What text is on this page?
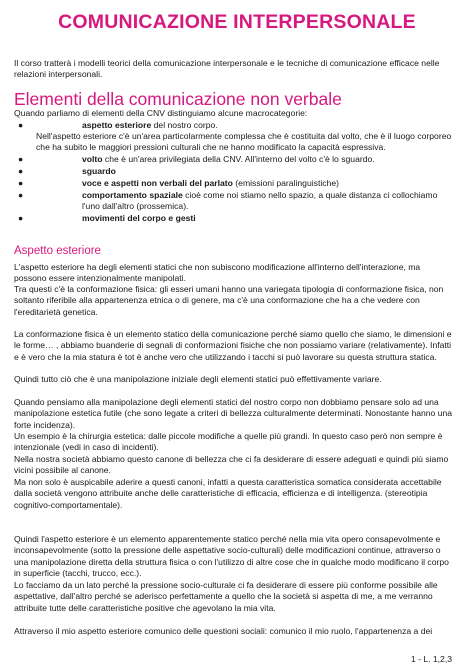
COMUNICAZIONE INTERPERSONALE

Il corso tratterà i modelli teorici della comunicazione interpersonale e le tecniche di comunicazione efficace nelle relazioni interpersonali.

Elementi della comunicazione non verbale

Quando parliamo di elementi della CNV distinguiamo alcune macrocategorie:

●	aspetto esteriore del nostro corpo.

Nell'aspetto esteriore c'è un'area particolarmente complessa che è costituita dal volto, che è il luogo corporeo che ha subito le maggiori pressioni culturali che ne hanno modificato la capacità espressiva.

●	volto che è un'area privilegiata della CNV. All'interno del volto c'è lo sguardo.
●	sguardo
●	voce e aspetti non verbali del parlato (emissioni paralinguistiche)
●	comportamento spaziale cioè come noi stiamo nello spazio, a quale distanza ci collochiamo l'uno dall'altro (prossemica).
●	movimenti del corpo e gesti
Aspetto esteriore

L'aspetto esteriore ha degli elementi statici che non subiscono modificazione all'interno dell'interazione, ma possono essere intenzionalmente manipolati.

Tra questi c'è la conformazione fisica: gli esseri umani hanno una variegata tipologia di conformazione fisica, non soltanto riferibile alla appartenenza etnica o di genere, ma c'è una conformazione che ha a che vedere con l'ereditarietà genetica.

La conformazione fisica è un elemento statico della comunicazione perché siamo quello che siamo, le dimensioni e le forme… , abbiamo buanderie di segnali di conformazioni fisiche che non possiamo variare (relativamente). Infatti e è vero che la mia statura è tot è anche vero che utilizzando i tacchi si può lavorare su questa struttura statica.

Quindi tutto ciò che è una manipolazione iniziale degli elementi statici può effettivamente variare.

Quando pensiamo alla manipolazione degli elementi statici del nostro corpo non dobbiamo pensare solo ad una manipolazione estetica futile (che sono legate a criteri di bellezza culturalmente determinati. Nonostante hanno una forte incidenza).

Un esempio è la chirurgia estetica: dalle piccole modifiche a quelle più grandi. In questo caso però non sempre è intenzionale (vedi in caso di incidenti).

Nella nostra società abbiamo questo canone di bellezza che ci fa desiderare di essere adeguati e quindi più siamo vicini possibile al canone.

Ma non solo è auspicabile aderire a questi canoni, infatti a questa caratteristica somatica considerata accettabile dalla società vengono attribuite anche delle caratteristiche di efficacia, efficienza e di intelligenza. (stereotipia cognitivo-comportamentale).

Quindi l'aspetto esteriore è un elemento apparentemente statico perché nella mia vita opero consapevolmente e inconsapevolmente (sotto la pressione delle aspettative socio-culturali) delle modificazioni continue, attraverso o una manipolazione diretta della struttura fisica o con l'utilizzo di altre cose che in qualche modo modificano il corpo in superficie (tacchi, trucco, ecc.).

Lo facciamo da un lato perché la pressione socio-culturale ci fa desiderare di essere più conforme possibile alle aspettative, dall'altro perché se aderisco perfettamente a quello che la società si aspetta di me, a me verranno attribuite tutte delle caratteristiche positive che agevolano la mia vita.

Attraverso il mio aspetto esteriore comunico delle questioni sociali: comunico il mio ruolo, l'appartenenza a dei

1 - L. 1,2,3
